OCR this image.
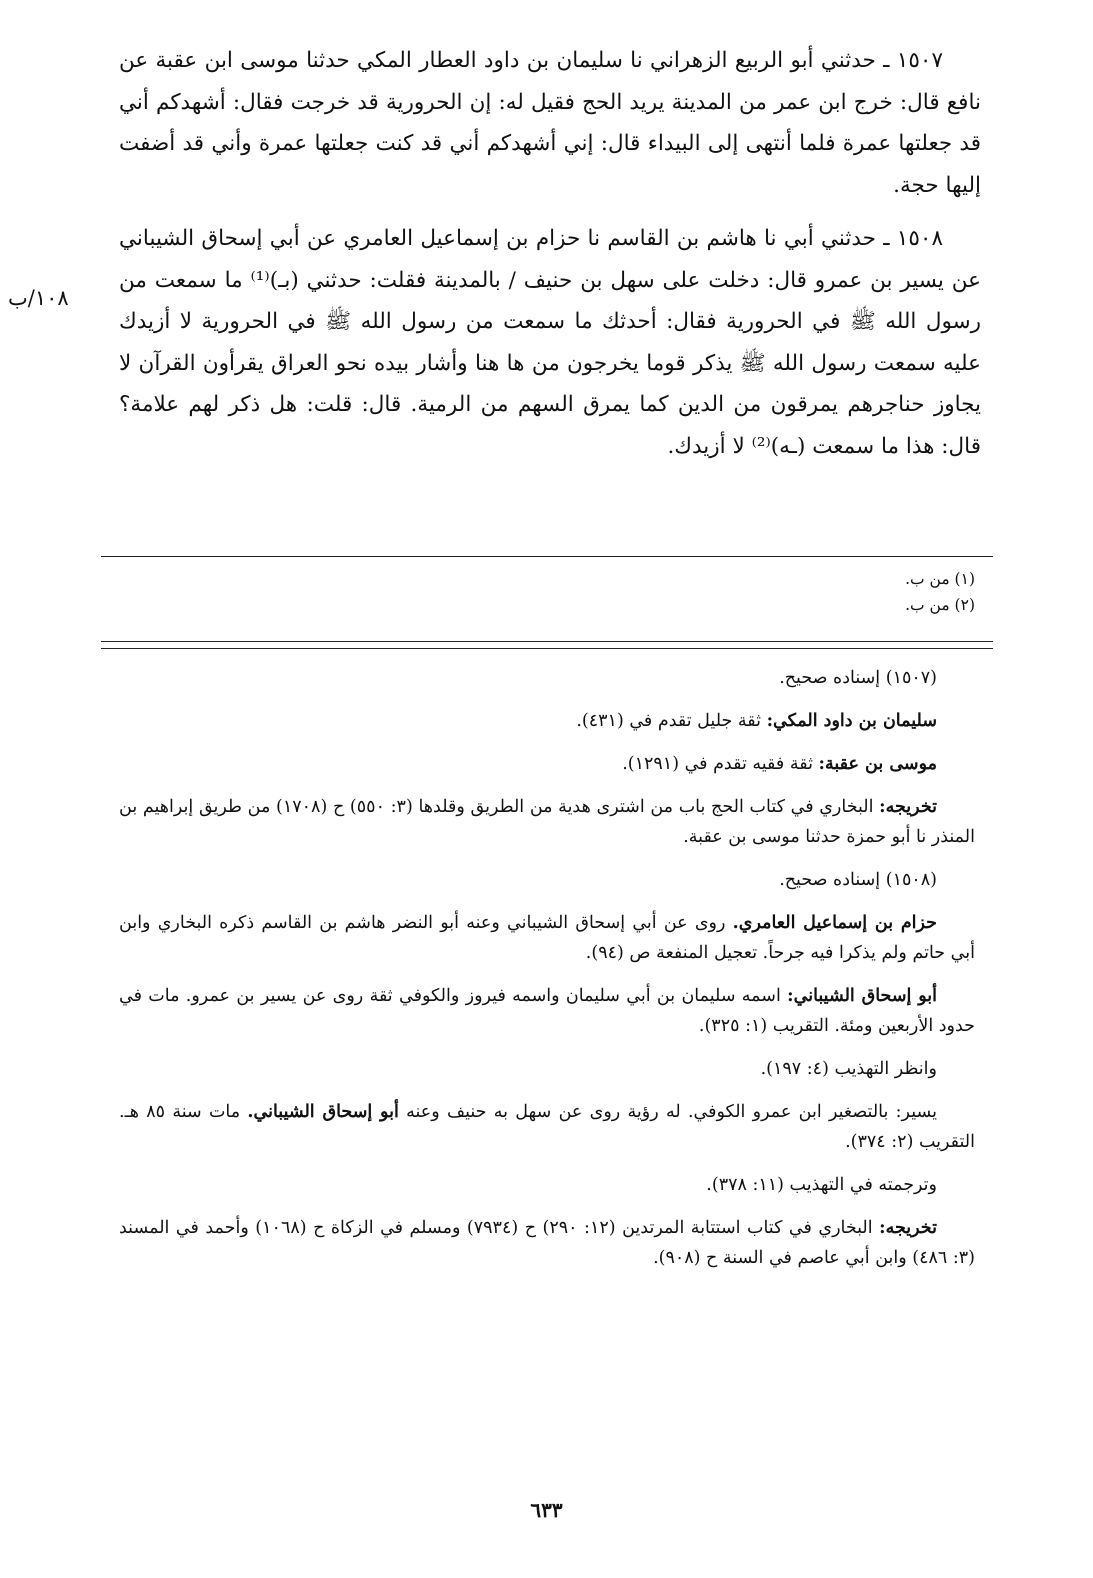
١٥٠٧ ـ حدثني أبو الربيع الزهراني نا سليمان بن داود العطار المكي حدثنا موسى ابن عقبة عن نافع قال: خرج ابن عمر من المدينة يريد الحج فقيل له: إن الحرورية قد خرجت فقال: أشهدكم أني قد جعلتها عمرة فلما أنتهى إلى البيداء قال: إني أشهدكم أني قد كنت جعلتها عمرة وأني قد أضفت إليها حجة.

١٥٠٨ ـ حدثني أبي نا هاشم بن القاسم نا حزام بن إسماعيل العامري عن أبي إسحاق الشيباني عن يسير بن عمرو قال: دخلت على سهل بن حنيف / بالمدينة فقلت: حدثني (بـ)⁽¹⁾ ما سمعت من رسول الله ﷺ في الحرورية فقال: أحدثك ما سمعت من رسول الله ﷺ في الحرورية لا أزيدك عليه سمعت رسول الله ﷺ يذكر قوما يخرجون من ها هنا وأشار بيده نحو العراق يقرأون القرآن لا يجاوز حناجرهم يمرقون من الدين كما يمرق السهم من الرمية. قال: قلت: هل ذكر لهم علامة؟ قال: هذا ما سمعت (ـه)⁽²⁾ لا أزيدك.

١٠٨/ب
(١) من ب.
(٢) من ب.

(١٥٠٧) إسناده صحيح.

سليمان بن داود المكي: ثقة جليل تقدم في (٤٣١).

موسى بن عقبة: ثقة فقيه تقدم في (١٢٩١).

تخريجه: البخاري في كتاب الحج باب من اشترى هدية من الطريق وقلدها (٣: ٥٥٠) ح (١٧٠٨) من طريق إبراهيم بن المنذر نا أبو حمزة حدثنا موسى بن عقبة.

(١٥٠٨) إسناده صحيح.

حزام بن إسماعيل العامري. روى عن أبي إسحاق الشيباني وعنه أبو النضر هاشم بن القاسم ذكره البخاري وابن أبي حاتم ولم يذكرا فيه جرحاً. تعجيل المنفعة ص (٩٤).

أبو إسحاق الشيباني: اسمه سليمان بن أبي سليمان واسمه فيروز والكوفي ثقة روى عن يسير بن عمرو. مات في حدود الأربعين ومئة. التقريب (١: ٣٢٥).

وانظر التهذيب (٤: ١٩٧).

يسير: بالتصغير ابن عمرو الكوفي. له رؤية روى عن سهل به حنيف وعنه أبو إسحاق الشيباني. مات سنة ٨٥ هـ. التقريب (٢: ٣٧٤).

وترجمته في التهذيب (١١: ٣٧٨).

تخريجه: البخاري في كتاب استتابة المرتدين (١٢: ٢٩٠) ح (٧٩٣٤) ومسلم في الزكاة ح (١٠٦٨) وأحمد في المسند (٣: ٤٨٦) وابن أبي عاصم في السنة ح (٩٠٨).

٦٣٣
